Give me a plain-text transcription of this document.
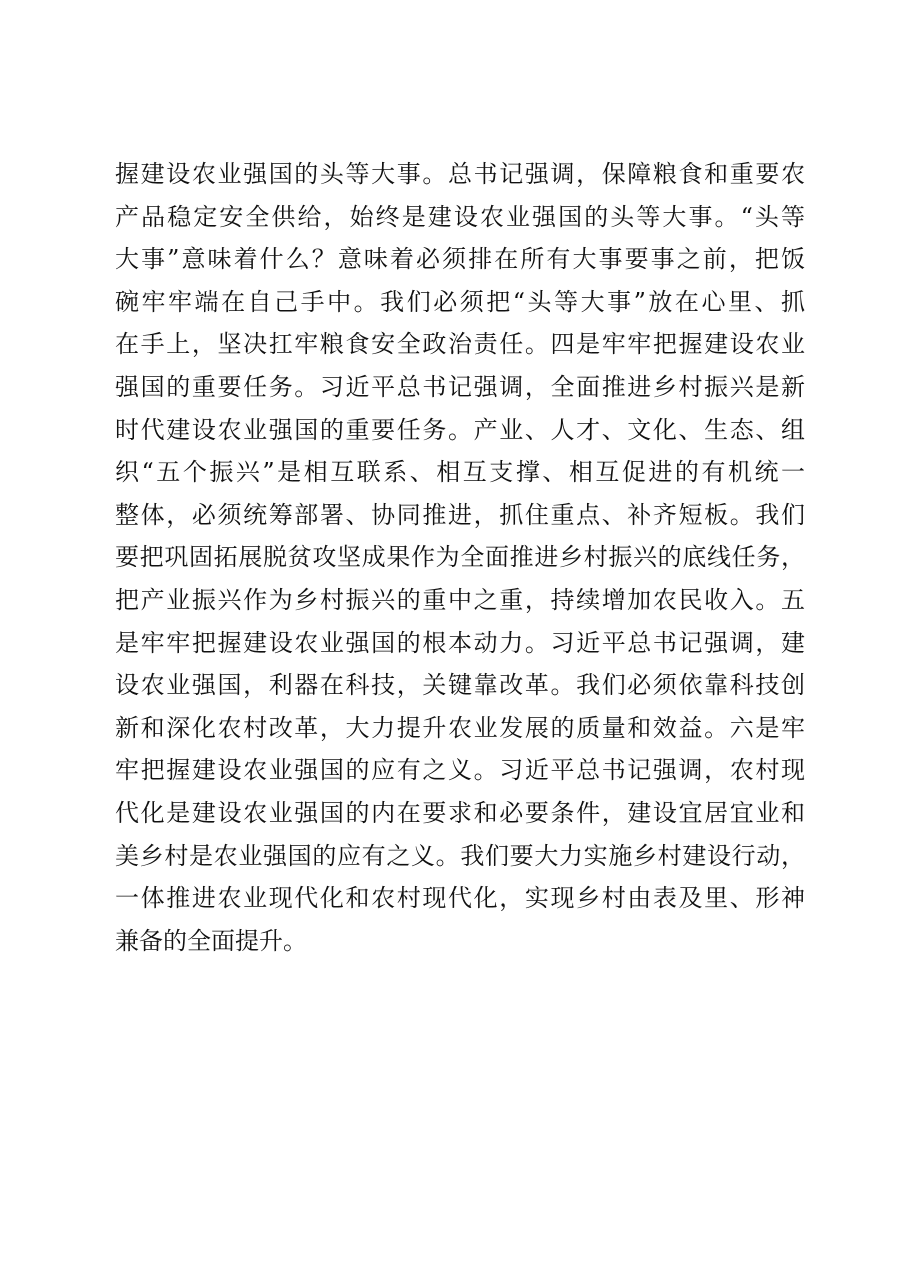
握建设农业强国的头等大事。总书记强调，保障粮食和重要农
产品稳定安全供给，始终是建设农业强国的头等大事。“头等
大事”意味着什么？意味着必须排在所有大事要事之前，把饭
碗牢牢端在自己手中。我们必须把“头等大事”放在心里、抓
在手上，坚决扛牢粮食安全政治责任。四是牢牢把握建设农业
强国的重要任务。习近平总书记强调，全面推进乡村振兴是新
时代建设农业强国的重要任务。产业、人才、文化、生态、组
织“五个振兴”是相互联系、相互支撑、相互促进的有机统一
整体，必须统筹部署、协同推进，抓住重点、补齐短板。我们
要把巩固拓展脱贫攻坚成果作为全面推进乡村振兴的底线任务，
把产业振兴作为乡村振兴的重中之重，持续增加农民收入。五
是牢牢把握建设农业强国的根本动力。习近平总书记强调，建
设农业强国，利器在科技，关键靠改革。我们必须依靠科技创
新和深化农村改革，大力提升农业发展的质量和效益。六是牢
牢把握建设农业强国的应有之义。习近平总书记强调，农村现
代化是建设农业强国的内在要求和必要条件，建设宜居宜业和
美乡村是农业强国的应有之义。我们要大力实施乡村建设行动，
一体推进农业现代化和农村现代化，实现乡村由表及里、形神
兼备的全面提升。
